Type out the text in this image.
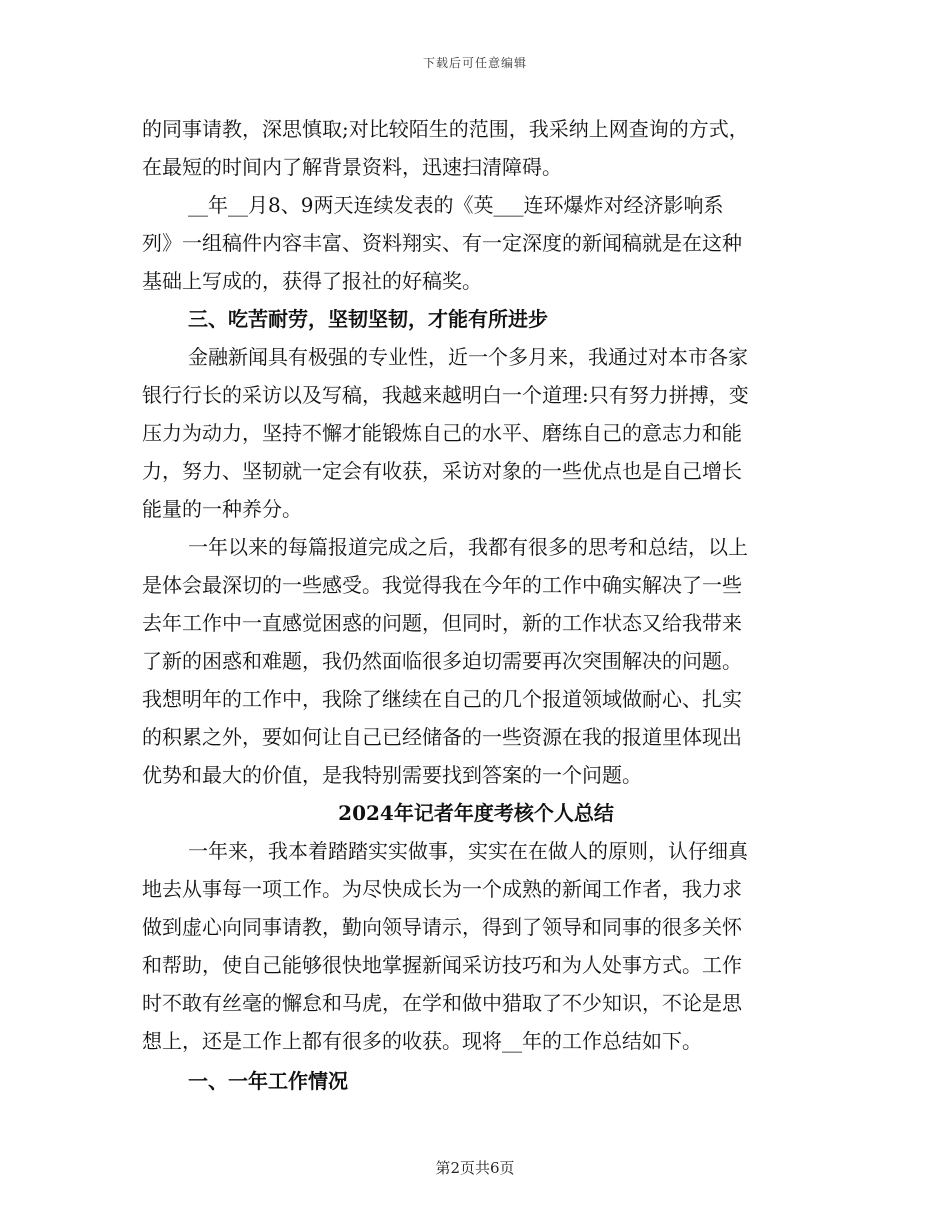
下载后可任意编辑

的同事请教，深思慎取;对比较陌生的范围，我采纳上网查询的方式，
在最短的时间内了解背景资料，迅速扫清障碍。

__年__月8、9两天连续发表的《英___连环爆炸对经济影响系
列》一组稿件内容丰富、资料翔实、有一定深度的新闻稿就是在这种
基础上写成的，获得了报社的好稿奖。

三、吃苦耐劳，坚韧坚韧，才能有所进步

金融新闻具有极强的专业性，近一个多月来，我通过对本市各家
银行行长的采访以及写稿，我越来越明白一个道理:只有努力拼搏，变
压力为动力，坚持不懈才能锻炼自己的水平、磨练自己的意志力和能
力，努力、坚韧就一定会有收获，采访对象的一些优点也是自己增长
能量的一种养分。

一年以来的每篇报道完成之后，我都有很多的思考和总结，以上
是体会最深切的一些感受。我觉得我在今年的工作中确实解决了一些
去年工作中一直感觉困惑的问题，但同时，新的工作状态又给我带来
了新的困惑和难题，我仍然面临很多迫切需要再次突围解决的问题。
我想明年的工作中，我除了继续在自己的几个报道领域做耐心、扎实
的积累之外，要如何让自己已经储备的一些资源在我的报道里体现出
优势和最大的价值，是我特别需要找到答案的一个问题。

2024年记者年度考核个人总结

一年来，我本着踏踏实实做事，实实在在做人的原则，认仔细真
地去从事每一项工作。为尽快成长为一个成熟的新闻工作者，我力求
做到虚心向同事请教，勤向领导请示，得到了领导和同事的很多关怀
和帮助，使自己能够很快地掌握新闻采访技巧和为人处事方式。工作
时不敢有丝毫的懈怠和马虎，在学和做中猎取了不少知识，不论是思
想上，还是工作上都有很多的收获。现将__年的工作总结如下。

一、一年工作情况

第2页共6页
